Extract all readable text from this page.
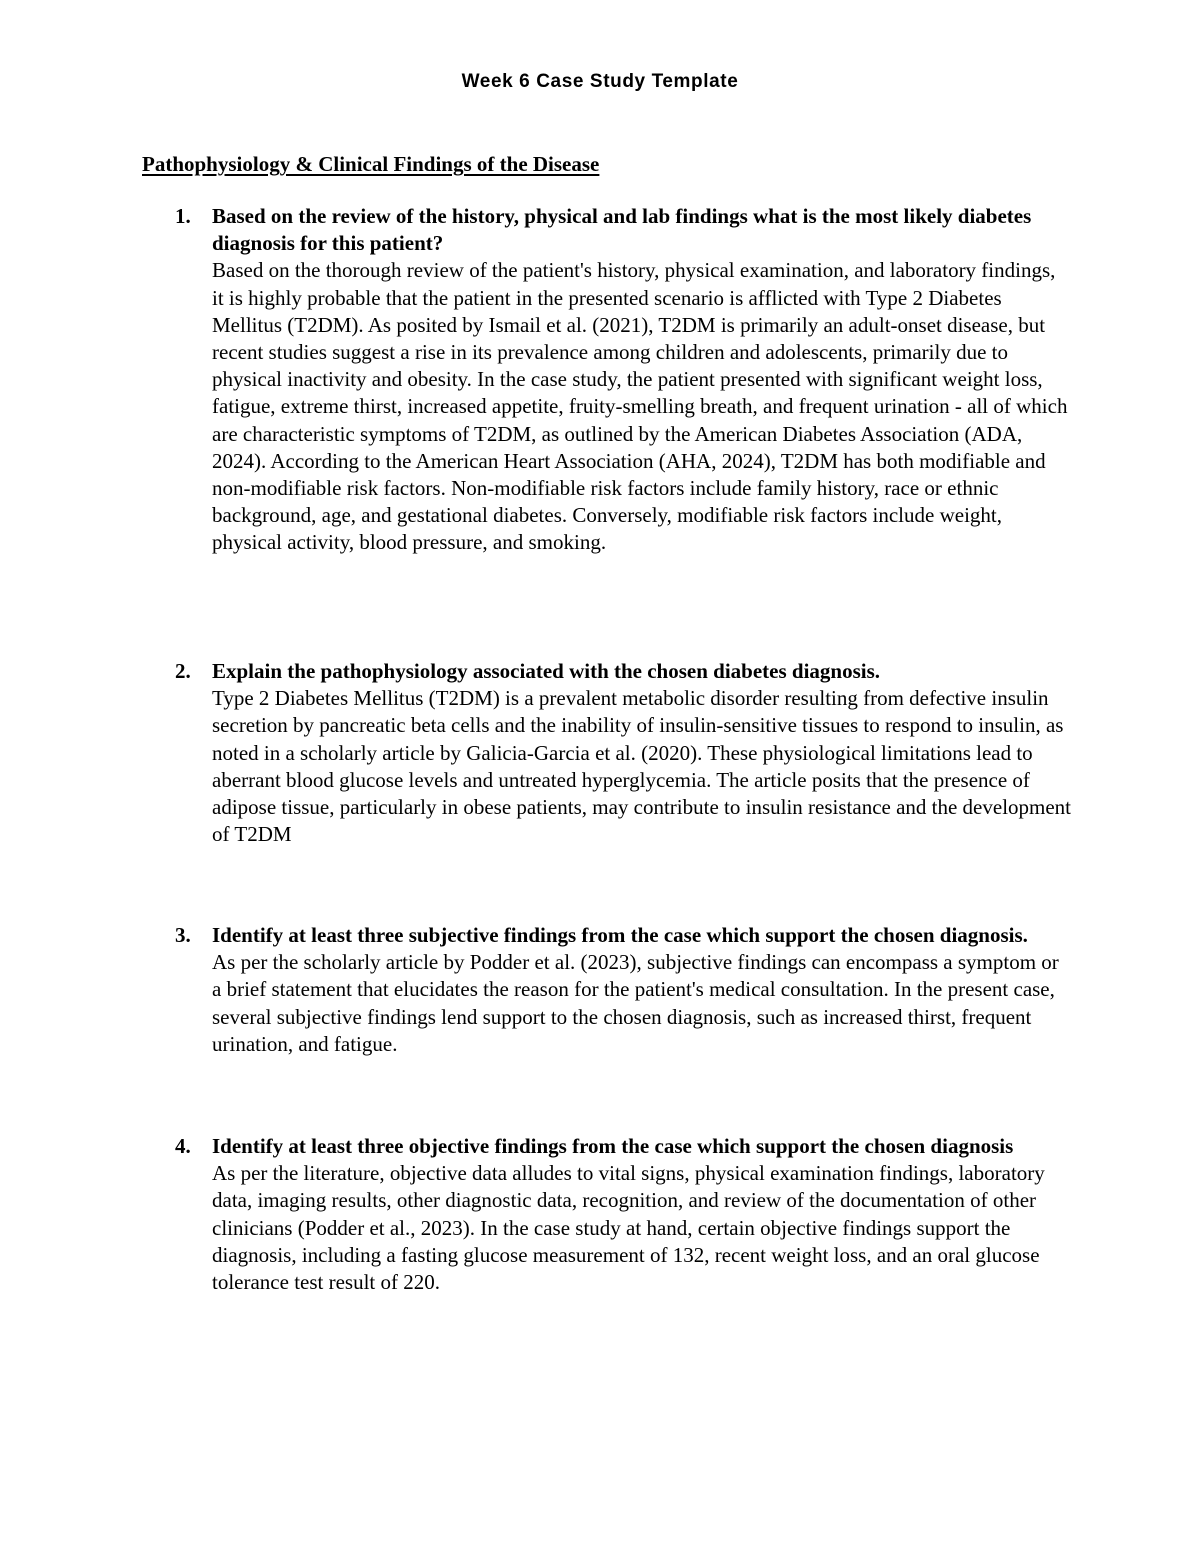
Week 6 Case Study Template
Pathophysiology & Clinical Findings of the Disease
1. Based on the review of the history, physical and lab findings what is the most likely diabetes diagnosis for this patient?

Based on the thorough review of the patient's history, physical examination, and laboratory findings, it is highly probable that the patient in the presented scenario is afflicted with Type 2 Diabetes Mellitus (T2DM). As posited by Ismail et al. (2021), T2DM is primarily an adult-onset disease, but recent studies suggest a rise in its prevalence among children and adolescents, primarily due to physical inactivity and obesity. In the case study, the patient presented with significant weight loss, fatigue, extreme thirst, increased appetite, fruity-smelling breath, and frequent urination - all of which are characteristic symptoms of T2DM, as outlined by the American Diabetes Association (ADA, 2024). According to the American Heart Association (AHA, 2024), T2DM has both modifiable and non-modifiable risk factors. Non-modifiable risk factors include family history, race or ethnic background, age, and gestational diabetes. Conversely, modifiable risk factors include weight, physical activity, blood pressure, and smoking.

2. Explain the pathophysiology associated with the chosen diabetes diagnosis.

Type 2 Diabetes Mellitus (T2DM) is a prevalent metabolic disorder resulting from defective insulin secretion by pancreatic beta cells and the inability of insulin-sensitive tissues to respond to insulin, as noted in a scholarly article by Galicia-Garcia et al. (2020). These physiological limitations lead to aberrant blood glucose levels and untreated hyperglycemia. The article posits that the presence of adipose tissue, particularly in obese patients, may contribute to insulin resistance and the development of T2DM

3. Identify at least three subjective findings from the case which support the chosen diagnosis.

As per the scholarly article by Podder et al. (2023), subjective findings can encompass a symptom or a brief statement that elucidates the reason for the patient's medical consultation. In the present case, several subjective findings lend support to the chosen diagnosis, such as increased thirst, frequent urination, and fatigue.

4. Identify at least three objective findings from the case which support the chosen diagnosis

As per the literature, objective data alludes to vital signs, physical examination findings, laboratory data, imaging results, other diagnostic data, recognition, and review of the documentation of other clinicians (Podder et al., 2023). In the case study at hand, certain objective findings support the diagnosis, including a fasting glucose measurement of 132, recent weight loss, and an oral glucose tolerance test result of 220.
